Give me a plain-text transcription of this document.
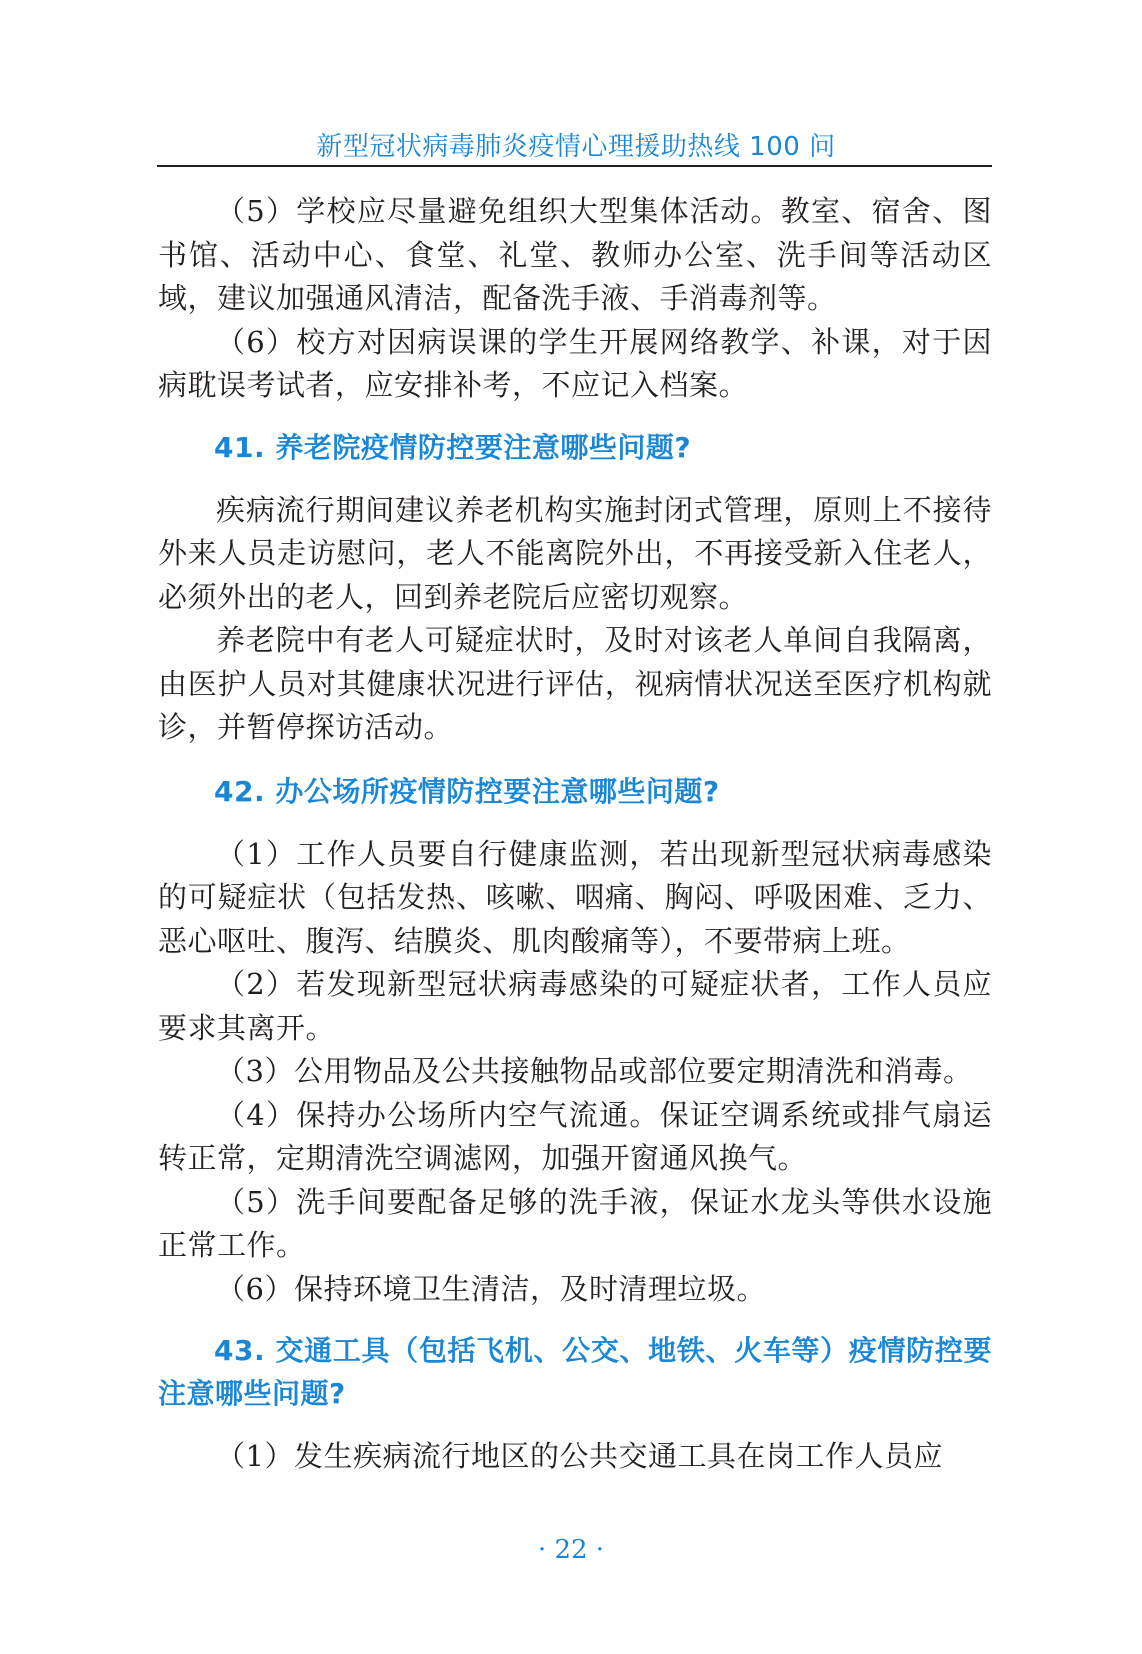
新型冠状病毒肺炎疫情心理援助热线 100 问

（5）学校应尽量避免组织大型集体活动。教室、宿舍、图书馆、活动中心、食堂、礼堂、教师办公室、洗手间等活动区域，建议加强通风清洁，配备洗手液、手消毒剂等。

（6）校方对因病误课的学生开展网络教学、补课，对于因病耽误考试者，应安排补考，不应记入档案。

41. 养老院疫情防控要注意哪些问题?

疾病流行期间建议养老机构实施封闭式管理，原则上不接待外来人员走访慰问，老人不能离院外出，不再接受新入住老人，必须外出的老人，回到养老院后应密切观察。

养老院中有老人可疑症状时，及时对该老人单间自我隔离，由医护人员对其健康状况进行评估，视病情状况送至医疗机构就诊，并暂停探访活动。

42. 办公场所疫情防控要注意哪些问题?

（1）工作人员要自行健康监测，若出现新型冠状病毒感染的可疑症状（包括发热、咳嗽、咽痛、胸闷、呼吸困难、乏力、恶心呕吐、腹泻、结膜炎、肌肉酸痛等），不要带病上班。

（2）若发现新型冠状病毒感染的可疑症状者，工作人员应要求其离开。

（3）公用物品及公共接触物品或部位要定期清洗和消毒。

（4）保持办公场所内空气流通。保证空调系统或排气扇运转正常，定期清洗空调滤网，加强开窗通风换气。

（5）洗手间要配备足够的洗手液，保证水龙头等供水设施正常工作。

（6）保持环境卫生清洁，及时清理垃圾。

43. 交通工具（包括飞机、公交、地铁、火车等）疫情防控要注意哪些问题?

（1）发生疾病流行地区的公共交通工具在岗工作人员应

· 22 ·
